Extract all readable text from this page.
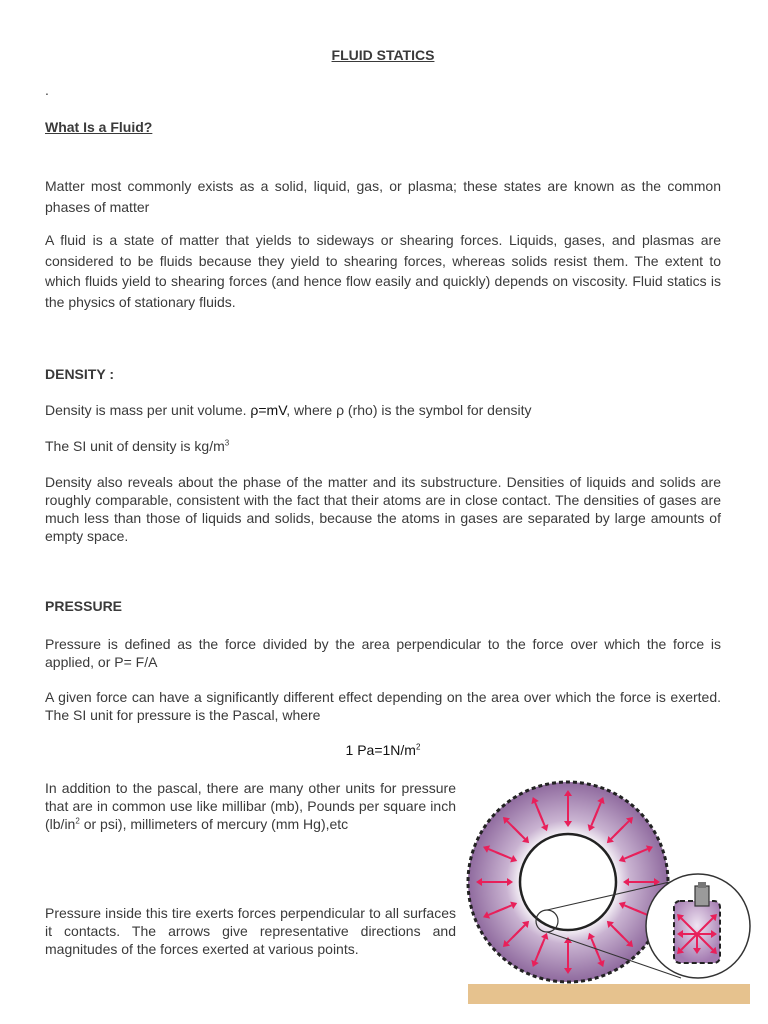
FLUID STATICS

.

What Is a Fluid?

Matter most commonly exists as a solid, liquid, gas, or plasma; these states are known as the common phases of matter

A fluid is a state of matter that yields to sideways or shearing forces. Liquids, gases, and plasmas are considered to be fluids because they yield to shearing forces, whereas solids resist them. The extent to which fluids yield to shearing forces (and hence flow easily and quickly) depends on viscosity. Fluid statics is the physics of stationary fluids.

DENSITY :

Density is mass per unit volume. ρ=mV, where ρ (rho) is the symbol for density

The SI unit of density is $kg/m^3$

Density also reveals about the phase of the matter and its substructure. Densities of liquids and solids are roughly comparable, consistent with the fact that their atoms are in close contact. The densities of gases are much less than those of liquids and solids, because the atoms in gases are separated by large amounts of empty space.

PRESSURE

Pressure is defined as the force divided by the area perpendicular to the force over which the force is applied, or P= F/A

A given force can have a significantly different effect depending on the area over which the force is exerted. The SI unit for pressure is the Pascal, where

1 $Pa=1N/m^2$

In addition to the pascal, there are many other units for pressure that are in common use like millibar (mb), Pounds per square inch ($lb/in^2$ or psi), millimeters of mercury (mm Hg),etc

Pressure inside this tire exerts forces perpendicular to all surfaces it contacts. The arrows give representative directions and magnitudes of the forces exerted at various points.
